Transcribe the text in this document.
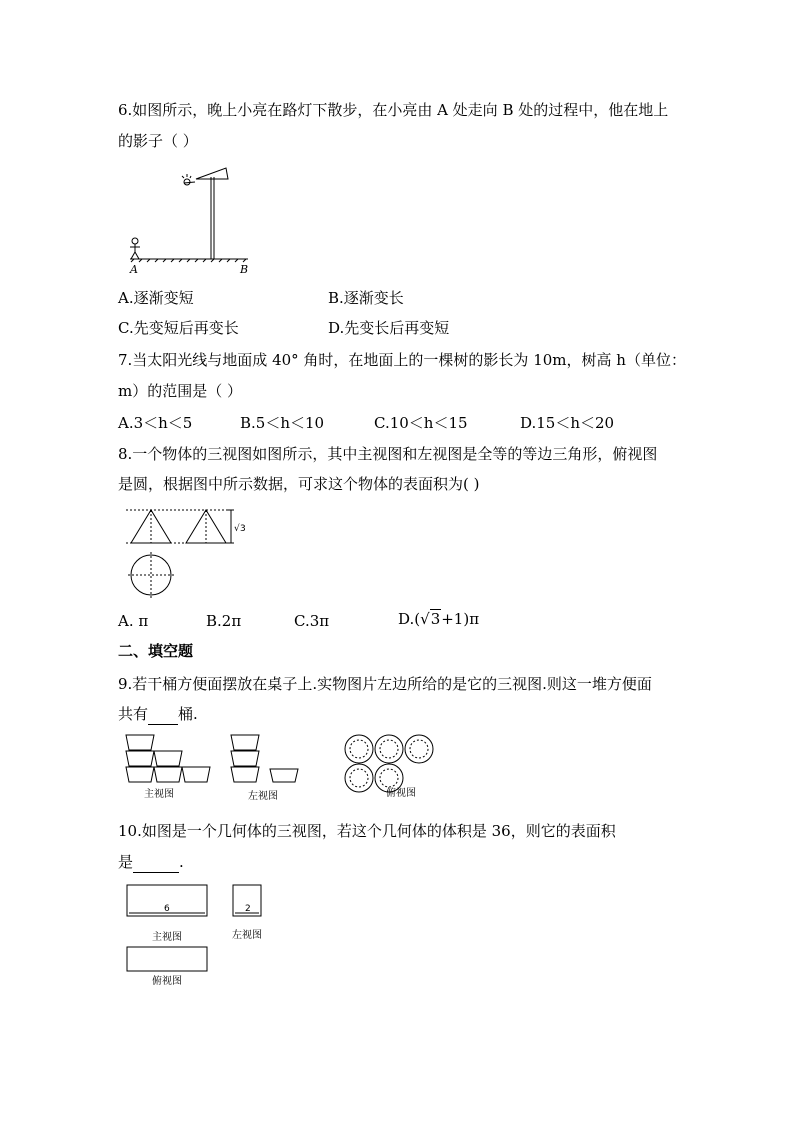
6.如图所示，晚上小亮在路灯下散步，在小亮由 A 处走向 B 处的过程中，他在地上
的影子（ ）
A	B
A.逐渐变短	B.逐渐变长
C.先变短后再变长	D.先变长后再变短
7.当太阳光线与地面成 40° 角时，在地面上的一棵树的影长为 10m，树高 h（单位：
m）的范围是（ ）
A.3＜h＜5	B.5＜h＜10	C.10＜h＜15	D.15＜h＜20
8.一个物体的三视图如图所示，其中主视图和左视图是全等的等边三角形，俯视图
是圆，根据图中所示数据，可求这个物体的表面积为( )
√ 3
A. π	B.2π	C.3π	D.(√3+1)π
二、填空题
9.若干桶方便面摆放在桌子上.实物图片左边所给的是它的三视图.则这一堆方便面
共有 桶.
主视图	左视图	俯视图
10.如图是一个几何体的三视图，若这个几何体的体积是 36，则它的表面积
是	.
6
主视图
2
左视图
俯视图
